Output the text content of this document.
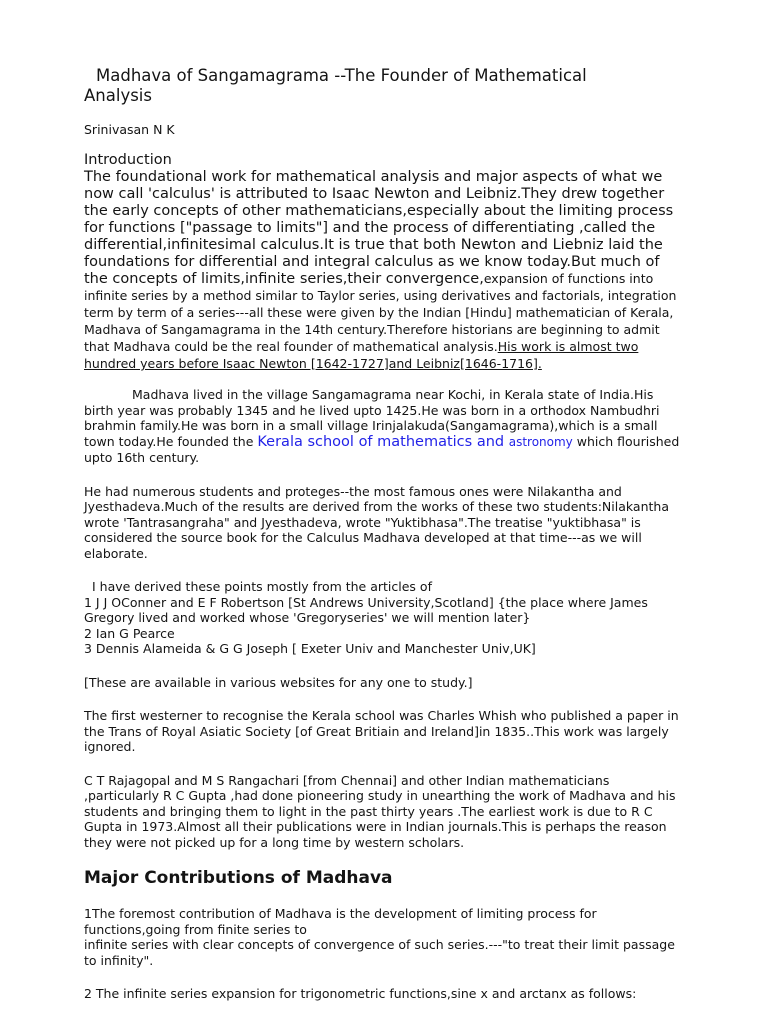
Madhava of Sangamagrama --The Founder of Mathematical
Analysis

Srinivasan N K

Introduction

The foundational work for mathematical analysis and major aspects of what we now call 'calculus' is attributed to Isaac Newton and Leibniz.They drew together the early concepts of other mathematicians,especially about the limiting process for functions ["passage to limits"] and the process of differentiating ,called the differential,infinitesimal calculus.It is true that both Newton and Liebniz laid the foundations for differential and integral calculus as we know today.But much of the concepts of limits,infinite series,their convergence,expansion of functions into infinite series by a method similar to Taylor series, using derivatives and factorials, integration term by term of a series---all these were given by the Indian [Hindu] mathematician of Kerala, Madhava of Sangamagrama in the 14th century.Therefore historians are beginning to admit that Madhava could be the real founder of mathematical analysis.His work is almost two hundred years before Isaac Newton [1642-1727]and Leibniz[1646-1716].

Madhava lived in the village Sangamagrama near Kochi, in Kerala state of India.His birth year was probably 1345 and he lived upto 1425.He was born in a orthodox Nambudhri brahmin family.He was born in a small village Irinjalakuda(Sangamagrama),which is a small town today.He founded the Kerala school of mathematics and astronomy which flourished upto 16th century.

He had numerous students and proteges--the most famous ones were Nilakantha and Jyesthadeva.Much of the results are derived from the works of these two students:Nilakantha wrote 'Tantrasangraha" and Jyesthadeva, wrote "Yuktibhasa".The treatise "yuktibhasa" is considered the source book for the Calculus Madhava developed at that time---as we will elaborate.

I have derived these points mostly from the articles of
1 J J OConner and E F Robertson [St Andrews University,Scotland] {the place where James Gregory lived and worked whose 'Gregoryseries' we will mention later}
2 Ian G Pearce
3 Dennis Alameida & G G Joseph [ Exeter Univ and Manchester Univ,UK]

[These are available in various websites for any one to study.]

The first westerner to recognise the Kerala school was Charles Whish who published a paper in the Trans of Royal Asiatic Society [of Great Britiain and Ireland]in 1835..This work was largely ignored.

C T Rajagopal and M S Rangachari [from Chennai] and other Indian mathematicians ,particularly R C Gupta ,had done pioneering study in unearthing the work of Madhava and his students and bringing them to light in the past thirty years .The earliest work is due to R C Gupta in 1973.Almost all their publications were in Indian journals.This is perhaps the reason they were not picked up for a long time by western scholars.

Major Contributions of Madhava

1The foremost contribution of Madhava is the development of limiting process for functions,going from finite series to
infinite series with clear concepts of convergence of such series.---"to treat their limit passage to infinity".

2 The infinite series expansion for trigonometric functions,sine x and arctanx as follows:
